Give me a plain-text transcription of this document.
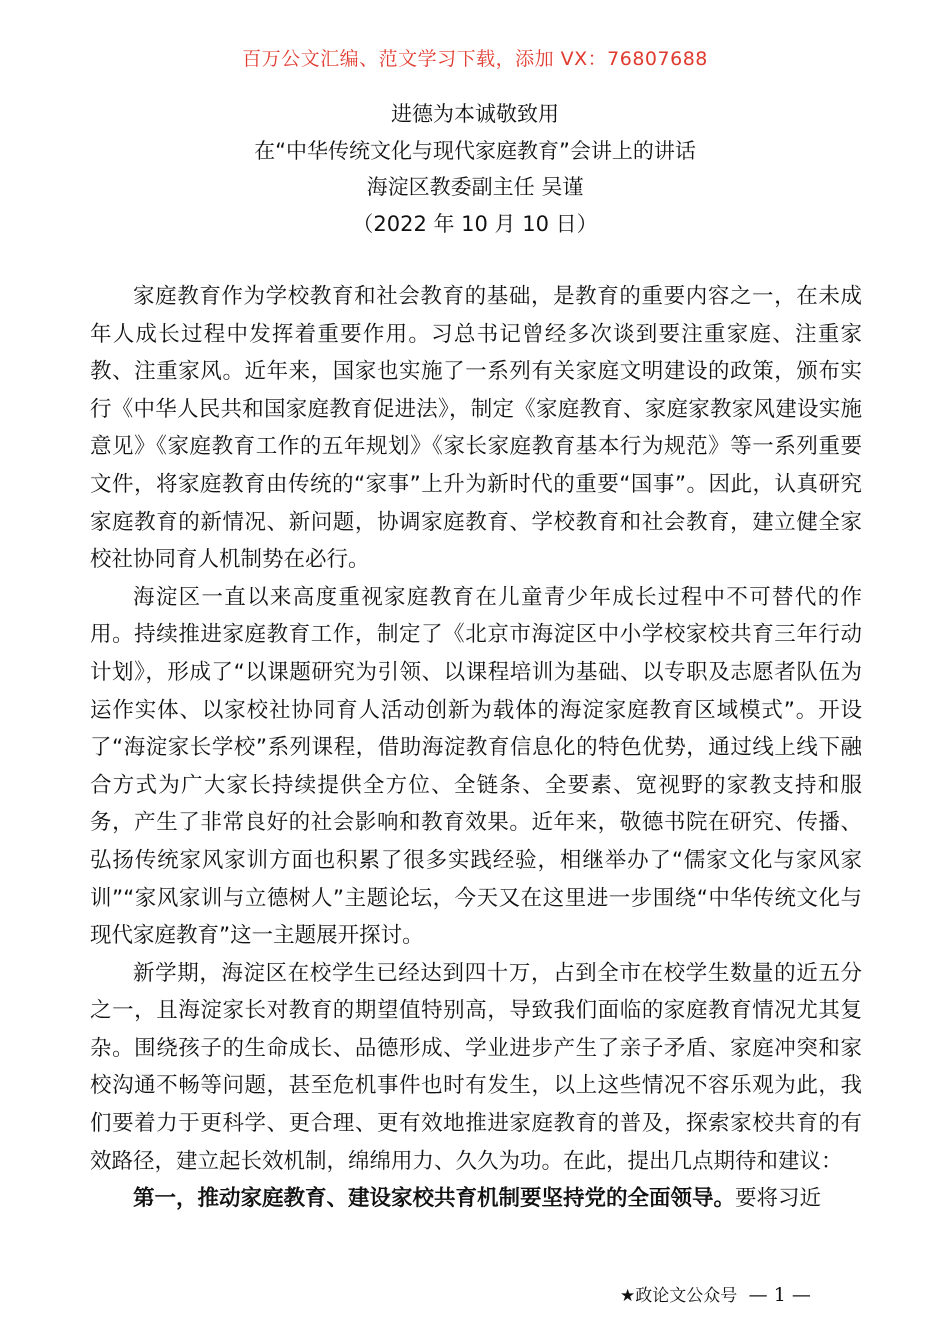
百万公文汇编、范文学习下载，添加 VX：76807688
进德为本诚敬致用
在“中华传统文化与现代家庭教育”会讲上的讲话
海淀区教委副主任 吴谨
（2022 年 10 月 10 日）

家庭教育作为学校教育和社会教育的基础，是教育的重要内容之一，在未成年人成长过程中发挥着重要作用。习总书记曾经多次谈到要注重家庭、注重家教、注重家风。近年来，国家也实施了一系列有关家庭文明建设的政策，颁布实行《中华人民共和国家庭教育促进法》，制定《家庭教育、家庭家教家风建设实施意见》《家庭教育工作的五年规划》《家长家庭教育基本行为规范》等一系列重要文件，将家庭教育由传统的“家事”上升为新时代的重要“国事”。因此，认真研究家庭教育的新情况、新问题，协调家庭教育、学校教育和社会教育，建立健全家校社协同育人机制势在必行。

海淀区一直以来高度重视家庭教育在儿童青少年成长过程中不可替代的作用。持续推进家庭教育工作，制定了《北京市海淀区中小学校家校共育三年行动计划》，形成了“以课题研究为引领、以课程培训为基础、以专职及志愿者队伍为运作实体、以家校社协同育人活动创新为载体的海淀家庭教育区域模式”。开设了“海淀家长学校”系列课程，借助海淀教育信息化的特色优势，通过线上线下融合方式为广大家长持续提供全方位、全链条、全要素、宽视野的家教支持和服务，产生了非常良好的社会影响和教育效果。近年来，敬德书院在研究、传播、弘扬传统家风家训方面也积累了很多实践经验，相继举办了“儒家文化与家风家训”“家风家训与立德树人”主题论坛，今天又在这里进一步围绕“中华传统文化与现代家庭教育”这一主题展开探讨。

新学期，海淀区在校学生已经达到四十万，占到全市在校学生数量的近五分之一，且海淀家长对教育的期望值特别高，导致我们面临的家庭教育情况尤其复杂。围绕孩子的生命成长、品德形成、学业进步产生了亲子矛盾、家庭冲突和家校沟通不畅等问题，甚至危机事件也时有发生，以上这些情况不容乐观为此，我们要着力于更科学、更合理、更有效地推进家庭教育的普及，探索家校共育的有效路径，建立起长效机制，绵绵用力、久久为功。在此，提出几点期待和建议：

第一，推动家庭教育、建设家校共育机制要坚持党的全面领导。要将习近

★政论文公众号 — 1 —
